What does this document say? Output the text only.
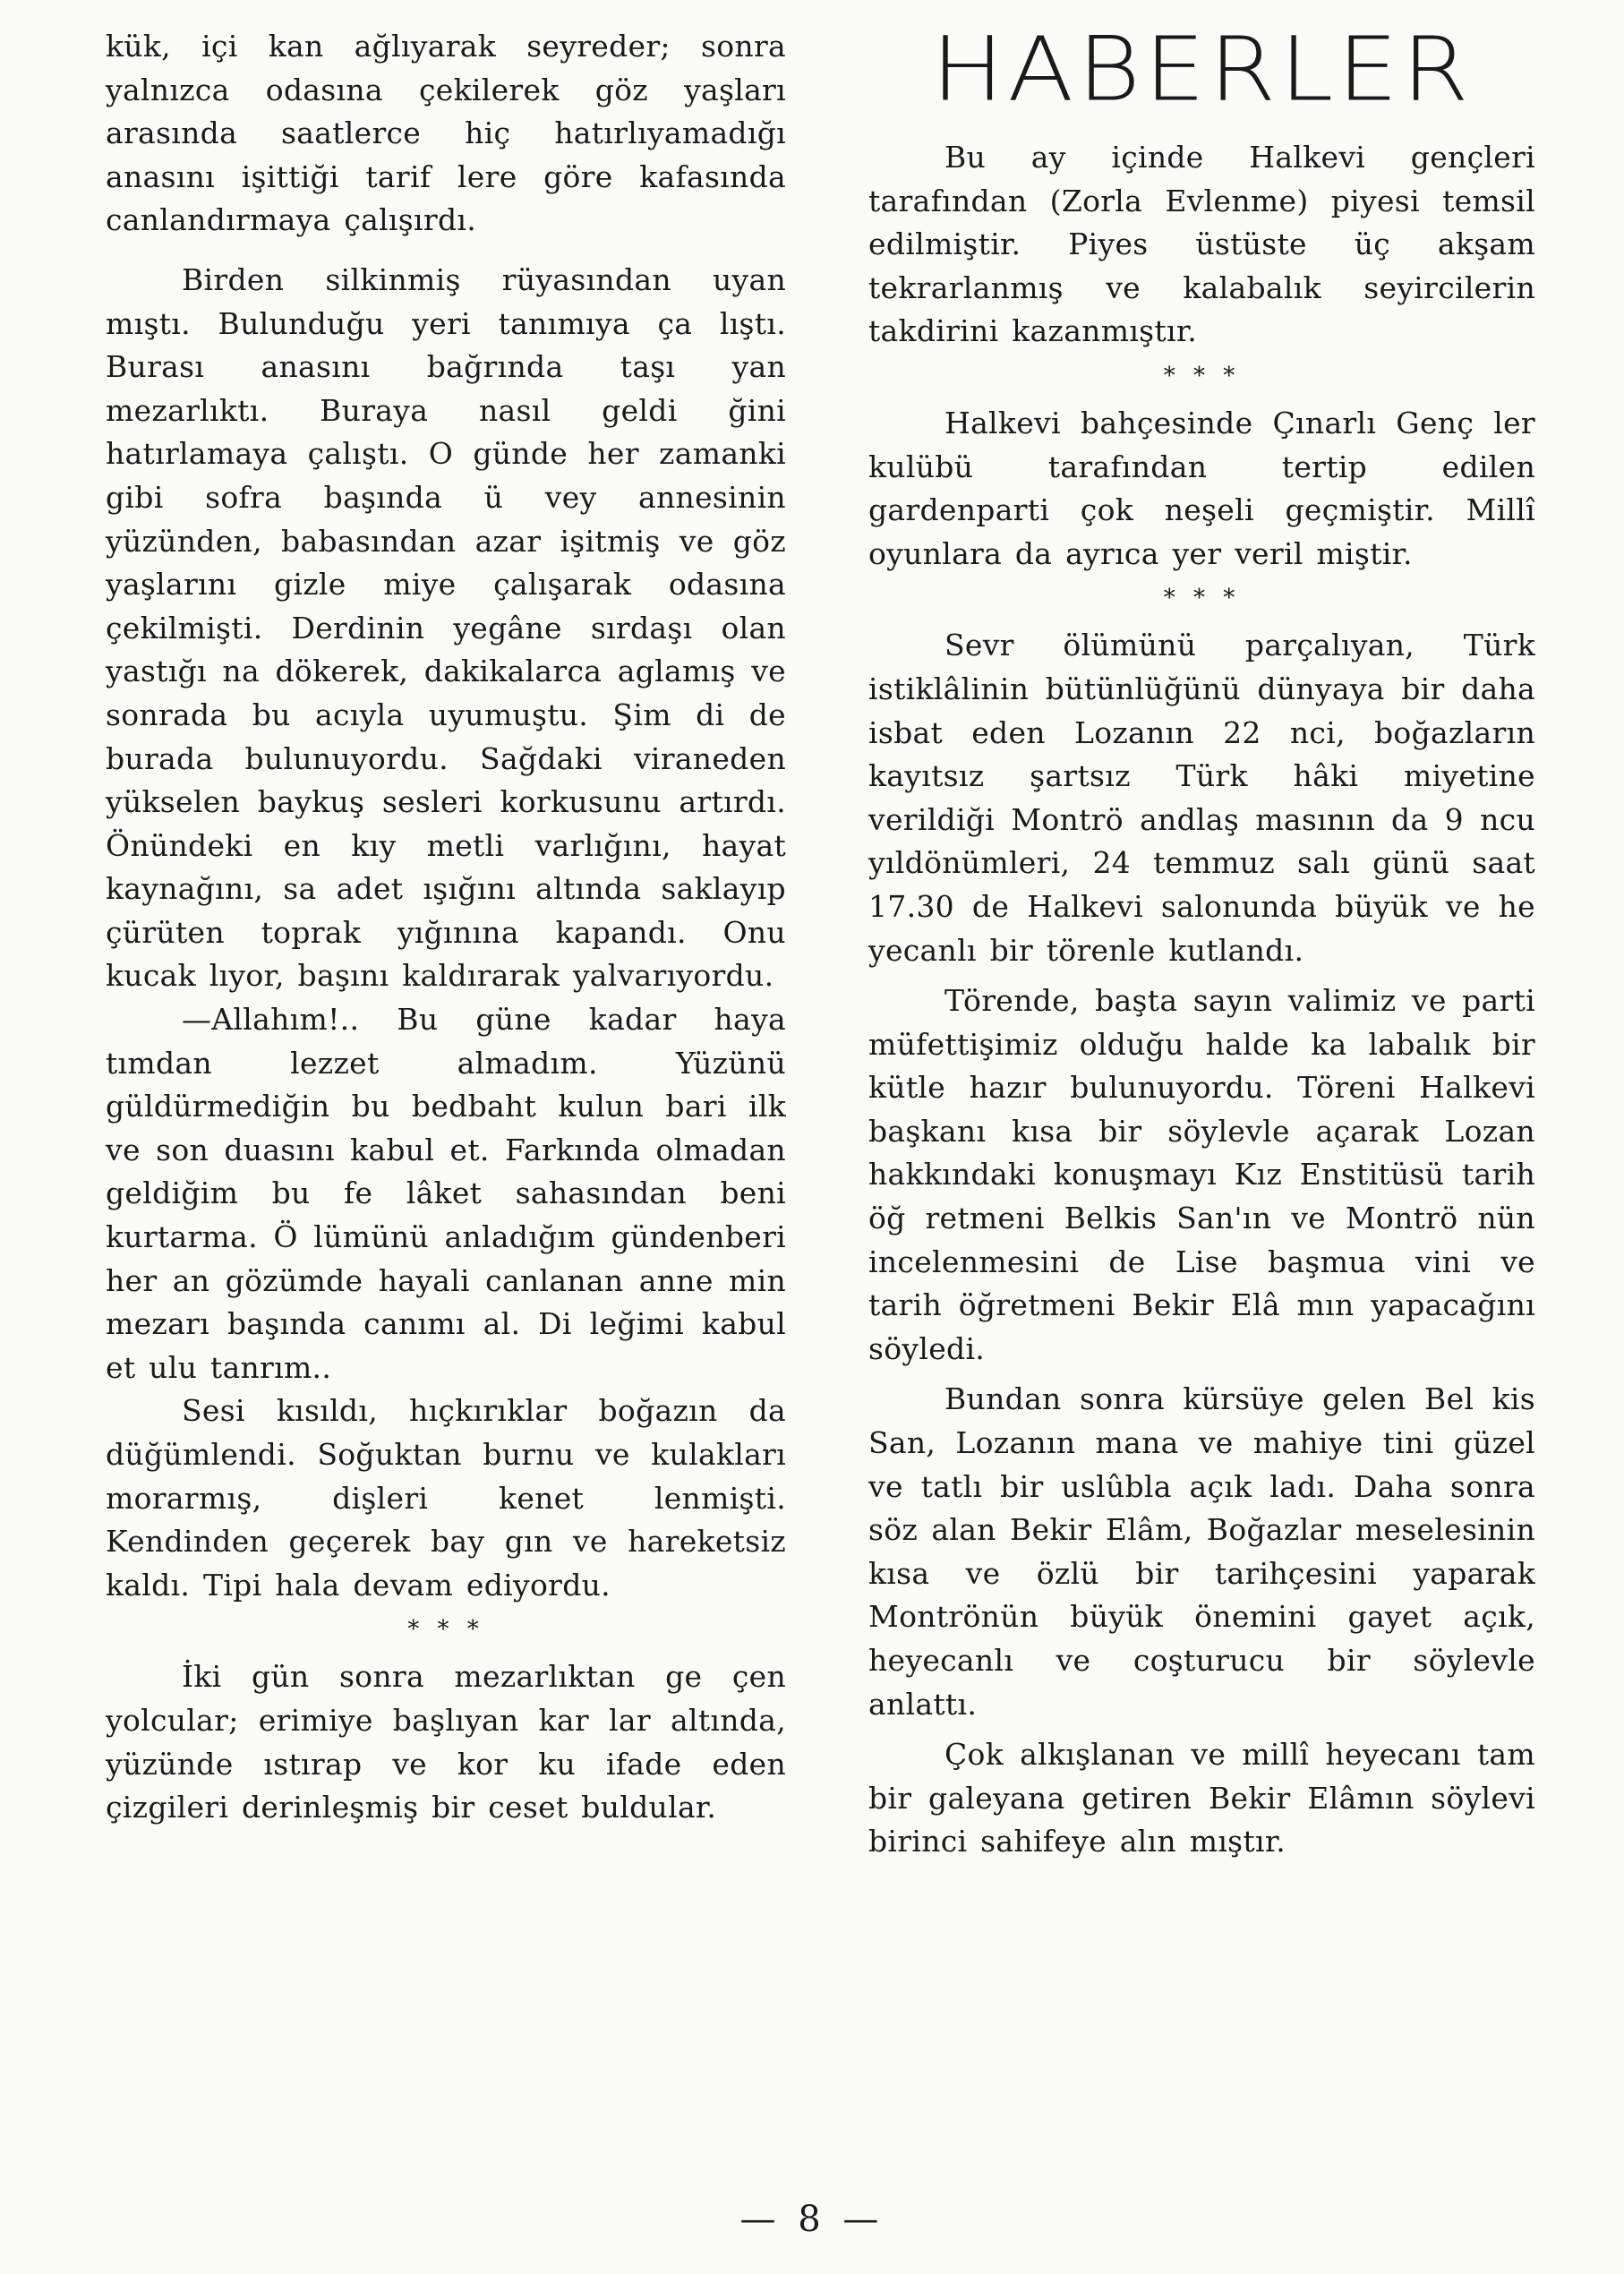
kük, içi kan ağlıyarak seyreder; sonra yalnızca odasına çekilerek göz yaşları arasında saatlerce hiç hatırlıyamadığı anasını işittiği tarif lere göre kafasında canlandırmaya çalışırdı.

Birden silkinmiş rüyasından uyan mıştı. Bulunduğu yeri tanımıya ça lıştı. Burası anasını bağrında taşı yan mezarlıktı. Buraya nasıl geldi ğini hatırlamaya çalıştı. O günde her zamanki gibi sofra başında ü vey annesinin yüzünden, babasından azar işitmiş ve göz yaşlarını gizle miye çalışarak odasına çekilmişti. Derdinin yegâne sırdaşı olan yastığı na dökerek, dakikalarca aglamış ve sonrada bu acıyla uyumuştu. Şim di de burada bulunuyordu. Sağdaki viraneden yükselen baykuş sesleri korkusunu artırdı. Önündeki en kıy metli varlığını, hayat kaynağını, sa adet ışığını altında saklayıp çürüten toprak yığınına kapandı. Onu kucak lıyor, başını kaldırarak yalvarıyordu.

—Allahım!.. Bu güne kadar haya tımdan lezzet almadım. Yüzünü güldürmediğin bu bedbaht kulun bari ilk ve son duasını kabul et. Farkında olmadan geldiğim bu fe lâket sahasından beni kurtarma. Ö lümünü anladığım gündenberi her an gözümde hayali canlanan anne min mezarı başında canımı al. Di leğimi kabul et ulu tanrım..

Sesi kısıldı, hıçkırıklar boğazın da düğümlendi. Soğuktan burnu ve kulakları morarmış, dişleri kenet lenmişti. Kendinden geçerek bay gın ve hareketsiz kaldı. Tipi hala devam ediyordu.

* * *

İki gün sonra mezarlıktan ge çen yolcular; erimiye başlıyan kar lar altında, yüzünde ıstırap ve kor ku ifade eden çizgileri derinleşmiş bir ceset buldular.

HABERLER

Bu ay içinde Halkevi gençleri tarafından (Zorla Evlenme) piyesi temsil edilmiştir. Piyes üstüste üç akşam tekrarlanmış ve kalabalık seyircilerin takdirini kazanmıştır.

* * *

Halkevi bahçesinde Çınarlı Genç ler kulübü tarafından tertip edilen gardenparti çok neşeli geçmiştir. Millî oyunlara da ayrıca yer veril miştir.

* * *

Sevr ölümünü parçalıyan, Türk istiklâlinin bütünlüğünü dünyaya bir daha isbat eden Lozanın 22 nci, boğazların kayıtsız şartsız Türk hâki miyetine verildiği Montrö andlaş masının da 9 ncu yıldönümleri, 24 temmuz salı günü saat 17.30 de Halkevi salonunda büyük ve he yecanlı bir törenle kutlandı.

Törende, başta sayın valimiz ve parti müfettişimiz olduğu halde ka labalık bir kütle hazır bulunuyordu. Töreni Halkevi başkanı kısa bir söylevle açarak Lozan hakkındaki konuşmayı Kız Enstitüsü tarih öğ retmeni Belkis San'ın ve Montrö nün incelenmesini de Lise başmua vini ve tarih öğretmeni Bekir Elâ mın yapacağını söyledi.

Bundan sonra kürsüye gelen Bel kis San, Lozanın mana ve mahiye tini güzel ve tatlı bir uslûbla açık ladı. Daha sonra söz alan Bekir Elâm, Boğazlar meselesinin kısa ve özlü bir tarihçesini yaparak Montrönün büyük önemini gayet açık, heyecanlı ve coşturucu bir söylevle anlattı.

Çok alkışlanan ve millî heyecanı tam bir galeyana getiren Bekir Elâmın söylevi birinci sahifeye alın mıştır.

— 8 —
